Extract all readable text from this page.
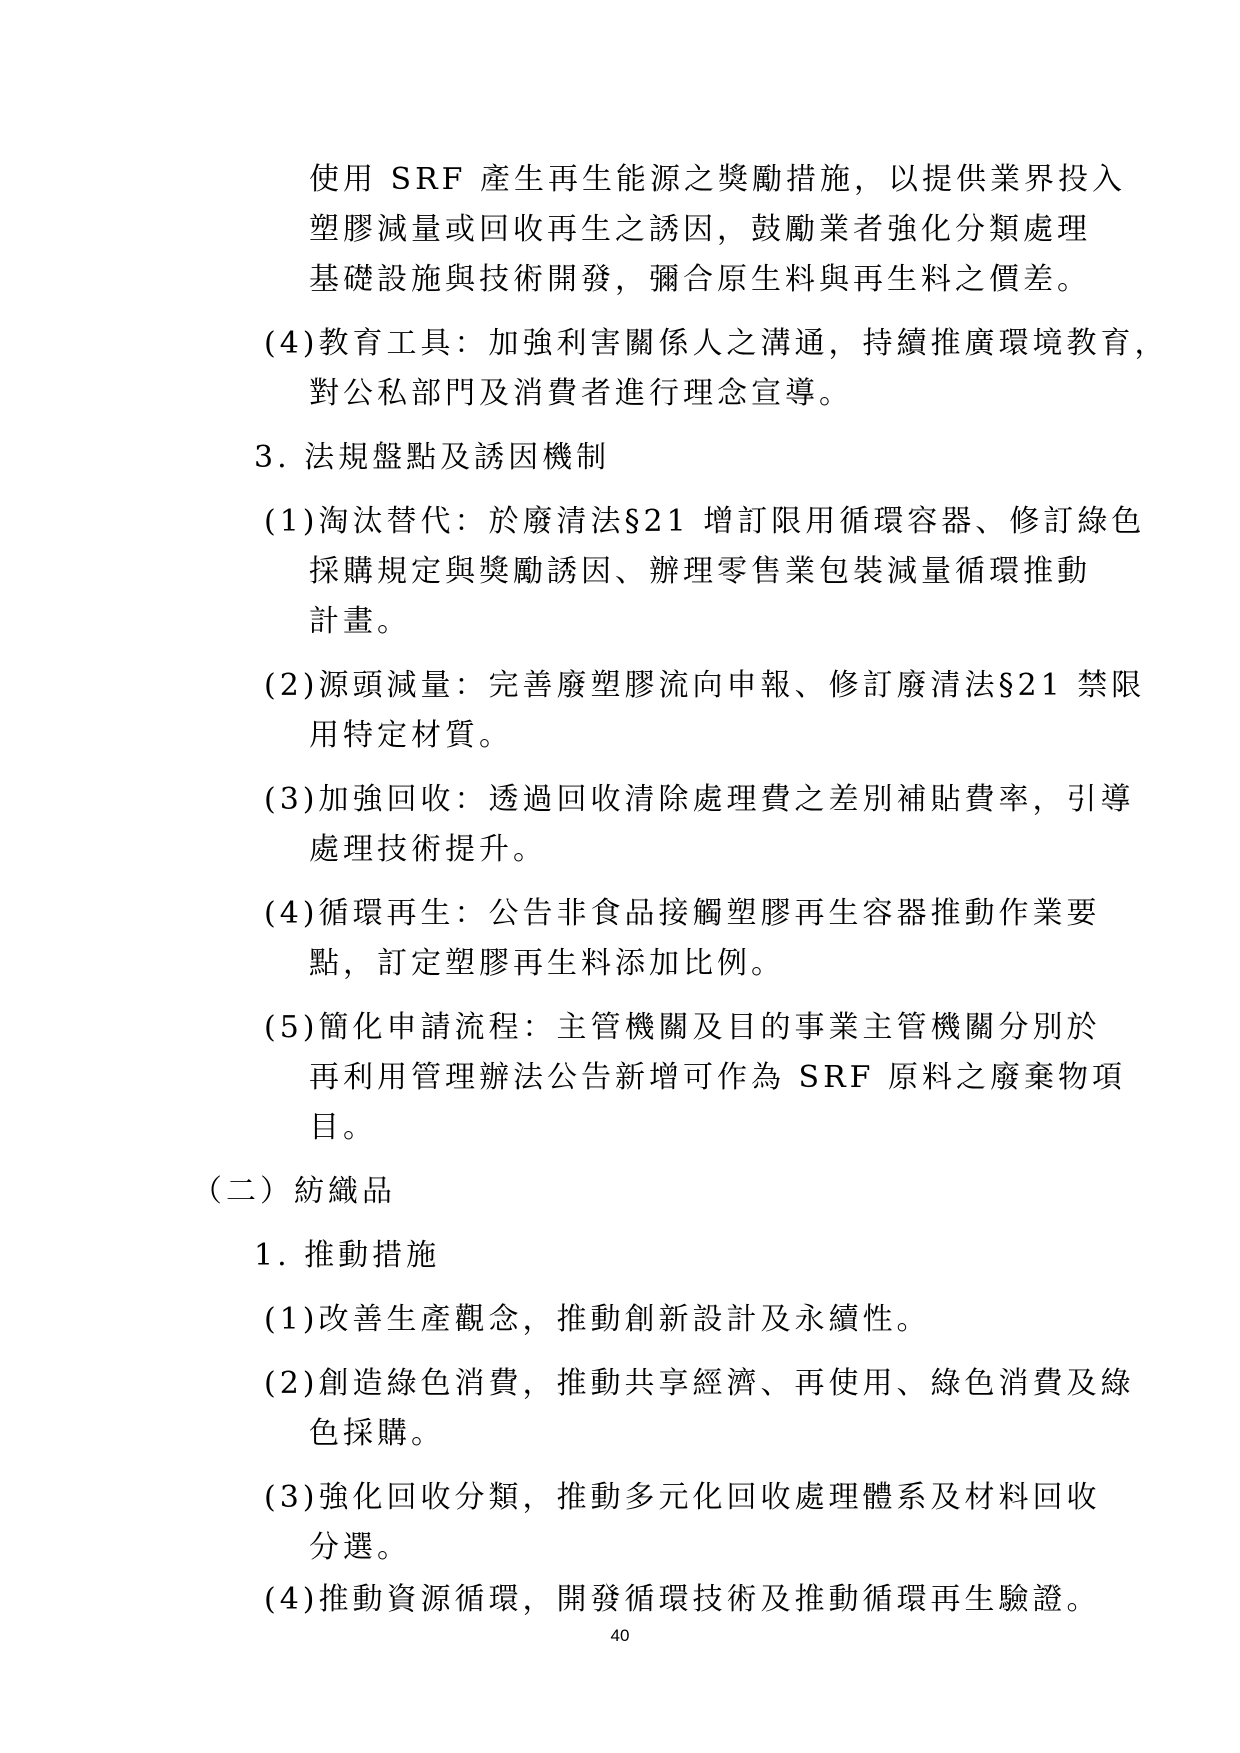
使用 SRF 產生再生能源之獎勵措施，以提供業界投入
塑膠減量或回收再生之誘因，鼓勵業者強化分類處理
基礎設施與技術開發，彌合原生料與再生料之價差。
(4)教育工具：加強利害關係人之溝通，持續推廣環境教育，
對公私部門及消費者進行理念宣導。
3. 法規盤點及誘因機制
(1)淘汰替代：於廢清法§21 增訂限用循環容器、修訂綠色
採購規定與獎勵誘因、辦理零售業包裝減量循環推動
計畫。
(2)源頭減量：完善廢塑膠流向申報、修訂廢清法§21 禁限
用特定材質。
(3)加強回收：透過回收清除處理費之差別補貼費率，引導
處理技術提升。
(4)循環再生：公告非食品接觸塑膠再生容器推動作業要
點，訂定塑膠再生料添加比例。
(5)簡化申請流程：主管機關及目的事業主管機關分別於
再利用管理辦法公告新增可作為 SRF 原料之廢棄物項
目。
（二）紡織品
1. 推動措施
(1)改善生產觀念，推動創新設計及永續性。
(2)創造綠色消費，推動共享經濟、再使用、綠色消費及綠
色採購。
(3)強化回收分類，推動多元化回收處理體系及材料回收
分選。
(4)推動資源循環，開發循環技術及推動循環再生驗證。
40
